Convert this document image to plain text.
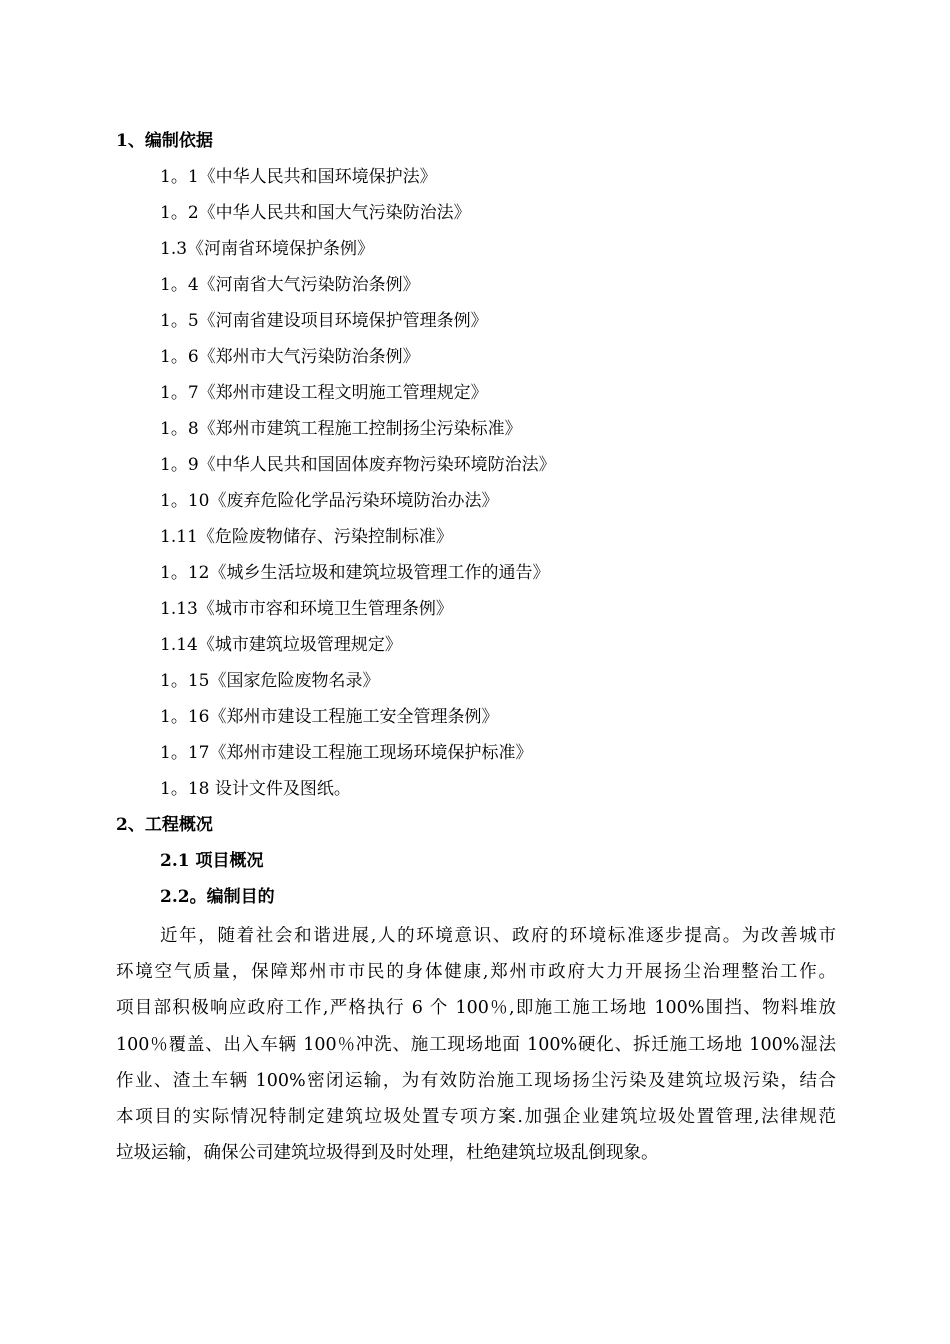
1、编制依据
1。1《中华人民共和国环境保护法》
1。2《中华人民共和国大气污染防治法》
1.3《河南省环境保护条例》
1。4《河南省大气污染防治条例》
1。5《河南省建设项目环境保护管理条例》
1。6《郑州市大气污染防治条例》
1。7《郑州市建设工程文明施工管理规定》
1。8《郑州市建筑工程施工控制扬尘污染标准》
1。9《中华人民共和国固体废弃物污染环境防治法》
1。10《废弃危险化学品污染环境防治办法》
1.11《危险废物储存、污染控制标准》
1。12《城乡生活垃圾和建筑垃圾管理工作的通告》
1.13《城市市容和环境卫生管理条例》
1.14《城市建筑垃圾管理规定》
1。15《国家危险废物名录》
1。16《郑州市建设工程施工安全管理条例》
1。17《郑州市建设工程施工现场环境保护标准》
1。18 设计文件及图纸。
2、工程概况
2.1 项目概况
2.2。编制目的
近年，随着社会和谐进展,人的环境意识、政府的环境标准逐步提高。为改善城市
环境空气质量，保障郑州市市民的身体健康,郑州市政府大力开展扬尘治理整治工作。
项目部积极响应政府工作,严格执行 6 个 100％,即施工施工场地 100%围挡、物料堆放
100％覆盖、出入车辆 100％冲洗、施工现场地面 100%硬化、拆迁施工场地 100%湿法
作业、渣土车辆 100%密闭运输，为有效防治施工现场扬尘污染及建筑垃圾污染，结合
本项目的实际情况特制定建筑垃圾处置专项方案.加强企业建筑垃圾处置管理,法律规范
垃圾运输，确保公司建筑垃圾得到及时处理，杜绝建筑垃圾乱倒现象。
